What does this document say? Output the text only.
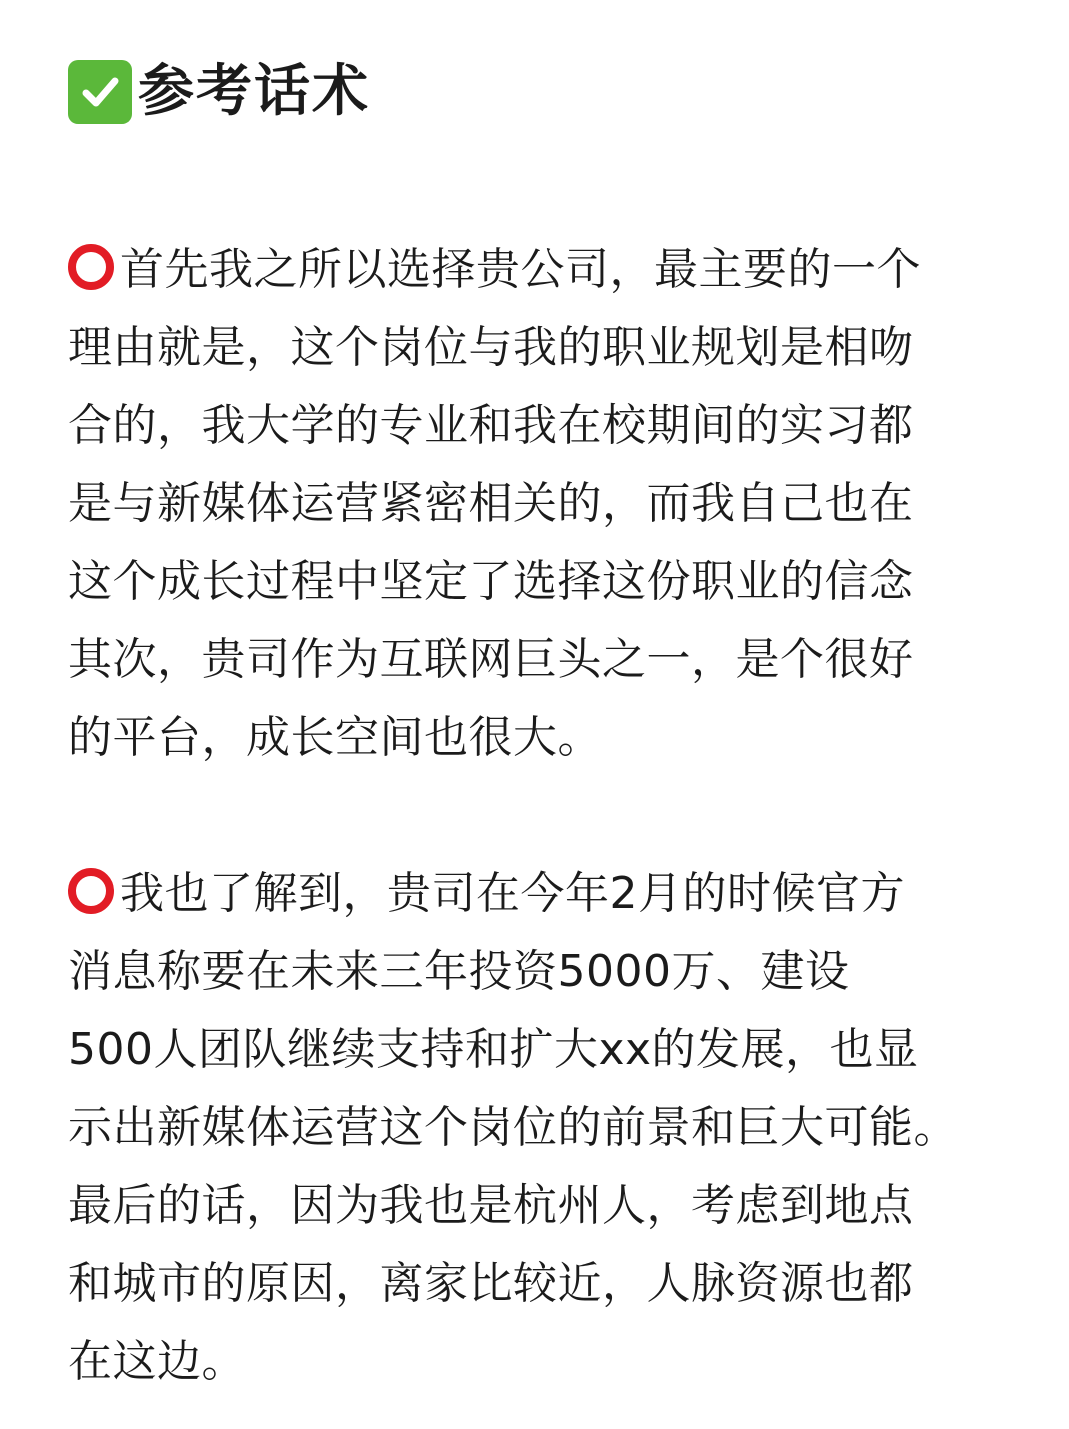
参考话术
首先我之所以选择贵公司，最主要的一个
理由就是，这个岗位与我的职业规划是相吻
合的，我大学的专业和我在校期间的实习都
是与新媒体运营紧密相关的，而我自己也在
这个成长过程中坚定了选择这份职业的信念
其次，贵司作为互联网巨头之一，是个很好
的平台，成长空间也很大。
我也了解到，贵司在今年2月的时候官方
消息称要在未来三年投资5000万、建设
500人团队继续支持和扩大xx的发展，也显
示出新媒体运营这个岗位的前景和巨大可能。
最后的话，因为我也是杭州人，考虑到地点
和城市的原因，离家比较近，人脉资源也都
在这边。
